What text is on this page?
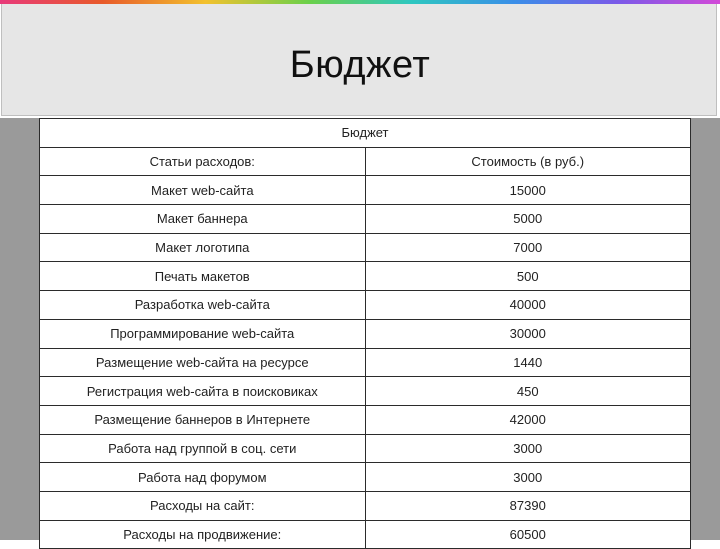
Бюджет
Бюджет	
Статьи расходов:	Стоимость (в руб.)
Макет web-сайта	15000
Макет баннера	5000
Макет логотипа	7000
Печать макетов	500
Разработка web-сайта	40000
Программирование web-сайта	30000
Размещение web-сайта на ресурсе	1440
Регистрация web-сайта в поисковиках	450
Размещение баннеров в Интернете	42000
Работа над группой в соц. сети	3000
Работа над форумом	3000
Расходы на сайт:	87390
Расходы на продвижение:	60500
